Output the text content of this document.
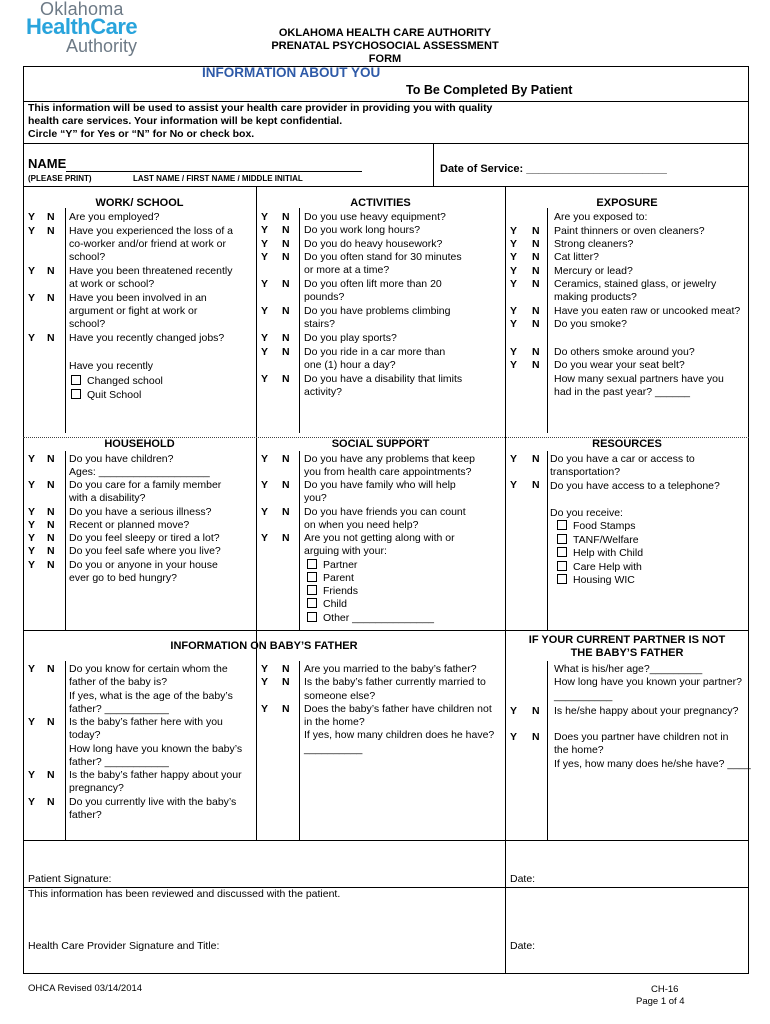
Oklahoma
HealthCare
Authority
OKLAHOMA HEALTH CARE AUTHORITY
PRENATAL PSYCHOSOCIAL ASSESSMENT
FORM
INFORMATION ABOUT YOU
To Be Completed By Patient
This information will be used to assist your health care provider in providing you with quality
health care services. Your information will be kept confidential.
Circle “Y” for Yes or “N” for No or check box.
NAME
(PLEASE PRINT)	LAST NAME / FIRST NAME / MIDDLE INITIAL
Date of Service: _______________________
WORK/ SCHOOL	ACTIVITIES	EXPOSURE
Y N Are you employed?
Y N Have you experienced the loss of a
co-worker and/or friend at work or
school?
Y N Have you been threatened recently
at work or school?
Y N Have you been involved in an
argument or fight at work or
school?
Y N Have you recently changed jobs?
Have you recently
Changed school
Quit School
Y N Do you use heavy equipment?
Y N Do you work long hours?
Y N Do you do heavy housework?
Y N Do you often stand for 30 minutes
or more at a time?
Y N Do you often lift more than 20
pounds?
Y N Do you have problems climbing
stairs?
Y N Do you play sports?
Y N Do you ride in a car more than
one (1) hour a day?
Y N Do you have a disability that limits
activity?
Are you exposed to:
Y N Paint thinners or oven cleaners?
Y N Strong cleaners?
Y N Cat litter?
Y N Mercury or lead?
Y N Ceramics, stained glass, or jewelry
making products?
Y N Have you eaten raw or uncooked meat?
Y N Do you smoke?
Y N Do others smoke around you?
Y N Do you wear your seat belt?
How many sexual partners have you
had in the past year? ______
HOUSEHOLD	SOCIAL SUPPORT	RESOURCES
Y N Do you have children?
Ages: ___________________
Y N Do you care for a family member
with a disability?
Y N Do you have a serious illness?
Y N Recent or planned move?
Y N Do you feel sleepy or tired a lot?
Y N Do you feel safe where you live?
Y N Do you or anyone in your house
ever go to bed hungry?
Y N Do you have any problems that keep
you from health care appointments?
Y N Do you have family who will help
you?
Y N Do you have friends you can count
on when you need help?
Y N Are you not getting along with or
arguing with your:
Partner
Parent
Friends
Child
Other ______________
Y N Do you have a car or access to
transportation?
Y N Do you have access to a telephone?
Do you receive:
Food Stamps
TANF/Welfare
Help with Child
Care Help with
Housing WIC
INFORMATION ON BABY’S FATHER	IF YOUR CURRENT PARTNER IS NOT
THE BABY’S FATHER
Y N Do you know for certain whom the
father of the baby is?
If yes, what is the age of the baby’s
father? ___________
Y N Is the baby’s father here with you
today?
How long have you known the baby’s
father? ___________
Y N Is the baby’s father happy about your
pregnancy?
Y N Do you currently live with the baby’s
father?
Y N Are you married to the baby’s father?
Y N Is the baby’s father currently married to
someone else?
Y N Does the baby’s father have children not
in the home?
If yes, how many children does he have?
__________
What is his/her age?_________
How long have you known your partner?
__________
Y N Is he/she happy about your pregnancy?
Y N Does you partner have children not in
the home?
If yes, how many does he/she have? ____
Patient Signature:	Date:
This information has been reviewed and discussed with the patient.
Health Care Provider Signature and Title:	Date:
OHCA Revised 03/14/2014	CH-16
Page 1 of 4
